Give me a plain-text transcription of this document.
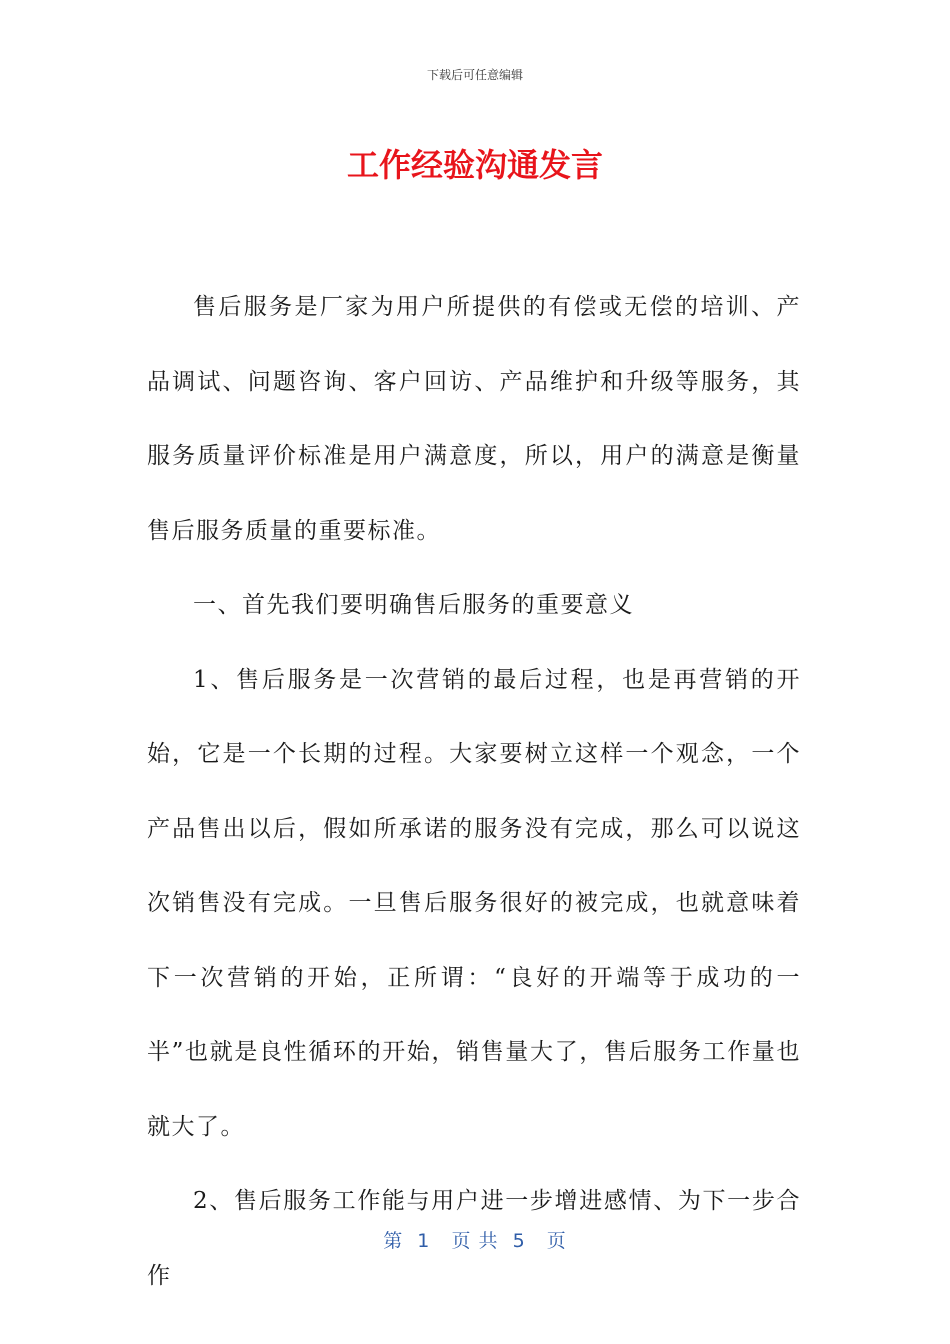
下载后可任意编辑
工作经验沟通发言

售后服务是厂家为用户所提供的有偿或无偿的培训、产品调试、问题咨询、客户回访、产品维护和升级等服务，其服务质量评价标准是用户满意度，所以，用户的满意是衡量售后服务质量的重要标准。

一、首先我们要明确售后服务的重要意义

1、售后服务是一次营销的最后过程，也是再营销的开始，它是一个长期的过程。大家要树立这样一个观念，一个产品售出以后，假如所承诺的服务没有完成，那么可以说这次销售没有完成。一旦售后服务很好的被完成，也就意味着下一次营销的开始，正所谓：“良好的开端等于成功的一半”也就是良性循环的开始，销售量大了，售后服务工作量也就大了。

2、售后服务工作能与用户进一步增进感情、为下一步合作

第  1   页 共  5   页
